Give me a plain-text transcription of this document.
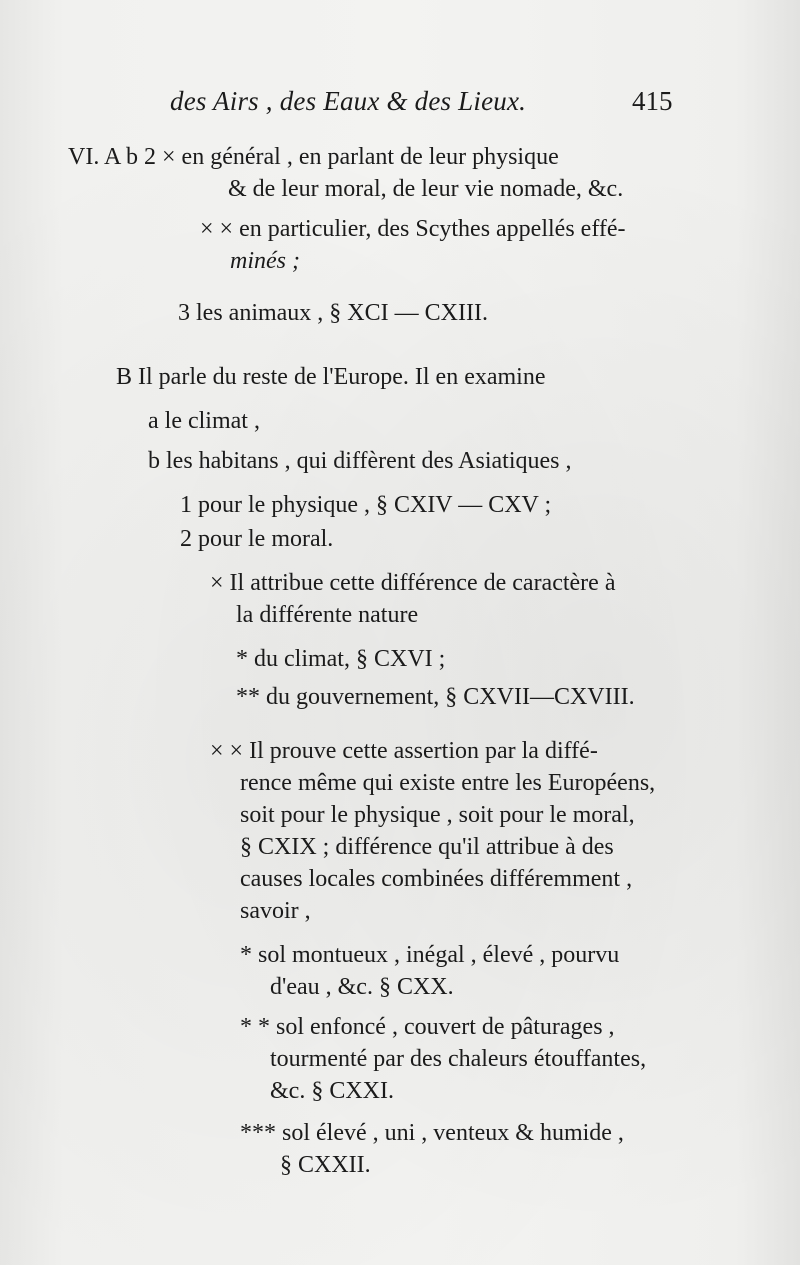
des Airs , des Eaux & des Lieux.	415
VI. A b 2 × en général , en parlant de leur physique
& de leur moral, de leur vie nomade, &c.
× × en particulier, des Scythes appellés effé-
minés ;
3 les animaux , § XCI — CXIII.
B Il parle du reste de l'Europe. Il en examine
a le climat ,
b les habitans , qui diffèrent des Asiatiques ,
1 pour le physique , § CXIV — CXV ;
2 pour le moral.
× Il attribue cette différence de caractère à
la différente nature
* du climat, § CXVI ;
** du gouvernement, § CXVII—CXVIII.
× × Il prouve cette assertion par la diffé-
rence même qui existe entre les Européens,
soit pour le physique , soit pour le moral,
§ CXIX ; différence qu'il attribue à des
causes locales combinées différemment ,
savoir ,
* sol montueux , inégal , élevé , pourvu
d'eau , &c. § CXX.
* * sol enfoncé , couvert de pâturages ,
tourmenté par des chaleurs étouffantes,
&c. § CXXI.
*** sol élevé , uni , venteux & humide ,
§ CXXII.
